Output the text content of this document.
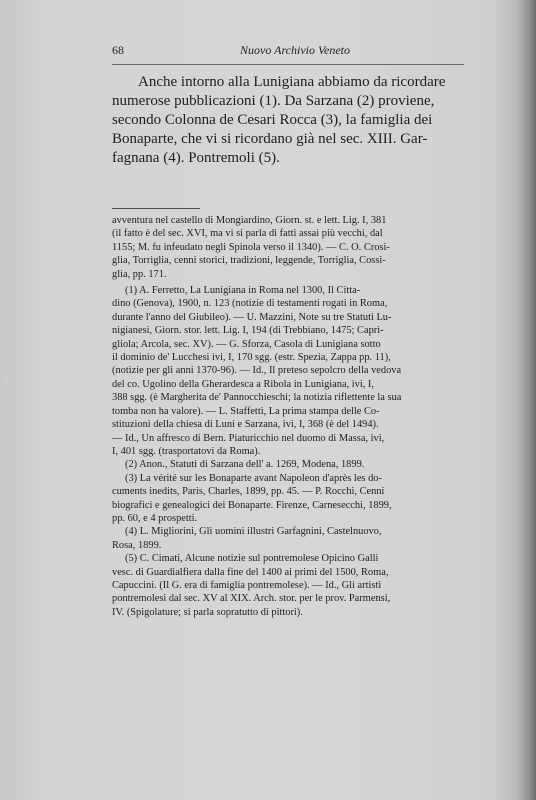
68	Nuovo Archivio Veneto
Anche intorno alla Lunigiana abbiamo da ricordare
numerose pubblicazioni (1). Da Sarzana (2) proviene,
secondo Colonna de Cesari Rocca (3), la famiglia dei
Bonaparte, che vi si ricordano già nel sec. XIII. Gar-
fagnana (4). Pontremoli (5).

avventura nel castello di Mongiardino, Giorn. st. e lett. Lig. I, 381
(il fatto è del sec. XVI, ma vi si parla di fatti assai più vecchi, dal
1155; M. fu infeudato negli Spinola verso il 1340). — C. O. Crosi-
glia, Torriglia, cenni storici, tradizioni, leggende, Torriglia, Cossi-
glia, pp. 171.

(1) A. Ferretto, La Lunigiana in Roma nel 1300, Il Citta-
dino (Genova), 1900, n. 123 (notizie di testamenti rogati in Roma,
durante l'anno del Giubileo). — U. Mazzini, Note su tre Statuti Lu-
nigianesi, Giorn. stor. lett. Lig. I, 194 (di Trebbiano, 1475; Capri-
gliola; Arcola, sec. XV). — G. Sforza, Casola di Lunigiana sotto
il dominio de' Lucchesi ivi, I, 170 sgg. (estr. Spezia, Zappa pp. 11),
(notizie per gli anni 1370-96). — Id., Il preteso sepolcro della vedova
del co. Ugolino della Gherardesca a Ribola in Lunigiana, ivi, I,
388 sgg. (è Margherita de' Pannocchieschi; la notizia riflettente la sua
tomba non ha valore). — L. Staffetti, La prima stampa delle Co-
stituzioni della chiesa di Luni e Sarzana, ivi, I, 368 (è del 1494).
— Id., Un affresco di Bern. Piaturicchio nel duomo di Massa, ivi,
I, 401 sgg. (trasportatovi da Roma).

(2) Anon., Statuti di Sarzana dell' a. 1269, Modena, 1899.

(3) La vérité sur les Bonaparte avant Napoleon d'après les do-
cuments inedits, Paris, Charles, 1899, pp. 45. — P. Rocchi, Cenni
biografici e genealogici dei Bonaparte. Firenze, Carnesecchi, 1899,
pp. 60, e 4 prospetti.

(4) L. Migliorini, Gli uomini illustri Garfagnini, Castelnuovo,
Rosa, 1899.

(5) C. Cimati, Alcune notizie sul pontremolese Opicino Galli
vesc. di Guardialfiera dalla fine del 1400 ai primi del 1500, Roma,
Capuccini. (Il G. era di famiglia pontremolese). — Id., Gli artisti
pontremolesi dal sec. XV al XIX. Arch. stor. per le prov. Parmensi,
IV. (Spigolature; si parla sopratutto di pittori).
